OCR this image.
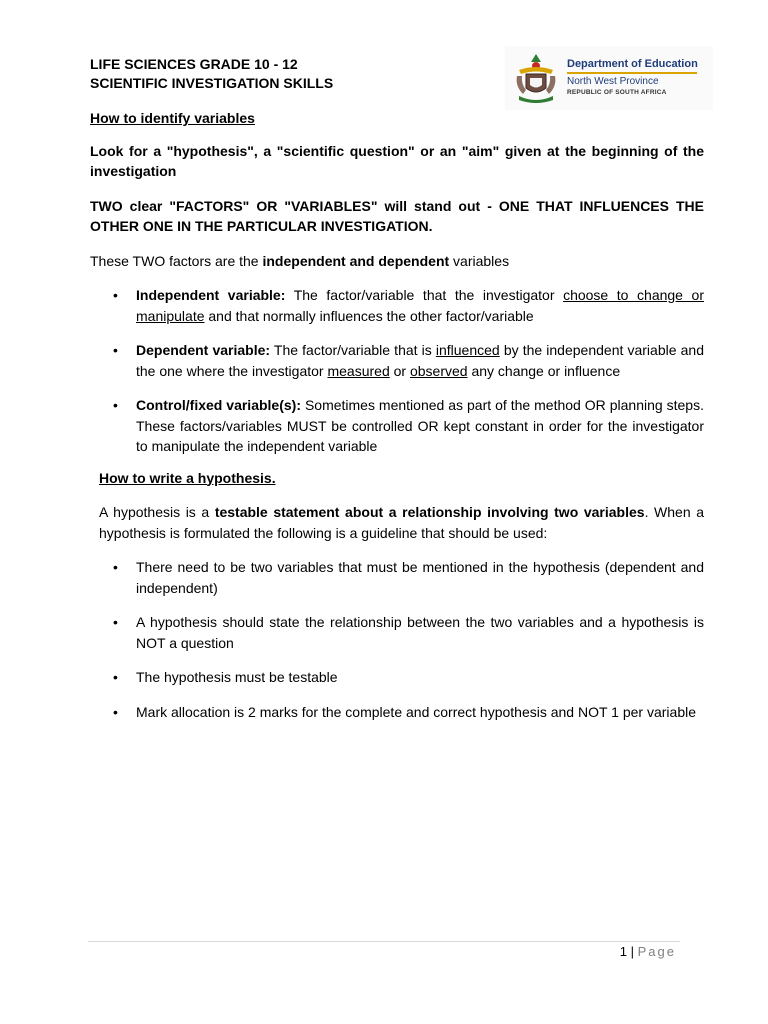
LIFE SCIENCES GRADE 10 - 12
SCIENTIFIC INVESTIGATION SKILLS
Department of Education
North West Province
REPUBLIC OF SOUTH AFRICA

How to identify variables

Look for a "hypothesis", a "scientific question" or an "aim" given at the beginning of the investigation

TWO clear "FACTORS" OR "VARIABLES" will stand out - ONE THAT INFLUENCES THE OTHER ONE IN THE PARTICULAR INVESTIGATION.

These TWO factors are the independent and dependent variables

• Independent variable: The factor/variable that the investigator choose to change or manipulate and that normally influences the other factor/variable
• Dependent variable: The factor/variable that is influenced by the independent variable and the one where the investigator measured or observed any change or influence
• Control/fixed variable(s): Sometimes mentioned as part of the method OR planning steps. These factors/variables MUST be controlled OR kept constant in order for the investigator to manipulate the independent variable

How to write a hypothesis.

A hypothesis is a testable statement about a relationship involving two variables. When a hypothesis is formulated the following is a guideline that should be used:

• There need to be two variables that must be mentioned in the hypothesis (dependent and independent)
• A hypothesis should state the relationship between the two variables and a hypothesis is NOT a question
• The hypothesis must be testable
• Mark allocation is 2 marks for the complete and correct hypothesis and NOT 1 per variable
1 | Page
